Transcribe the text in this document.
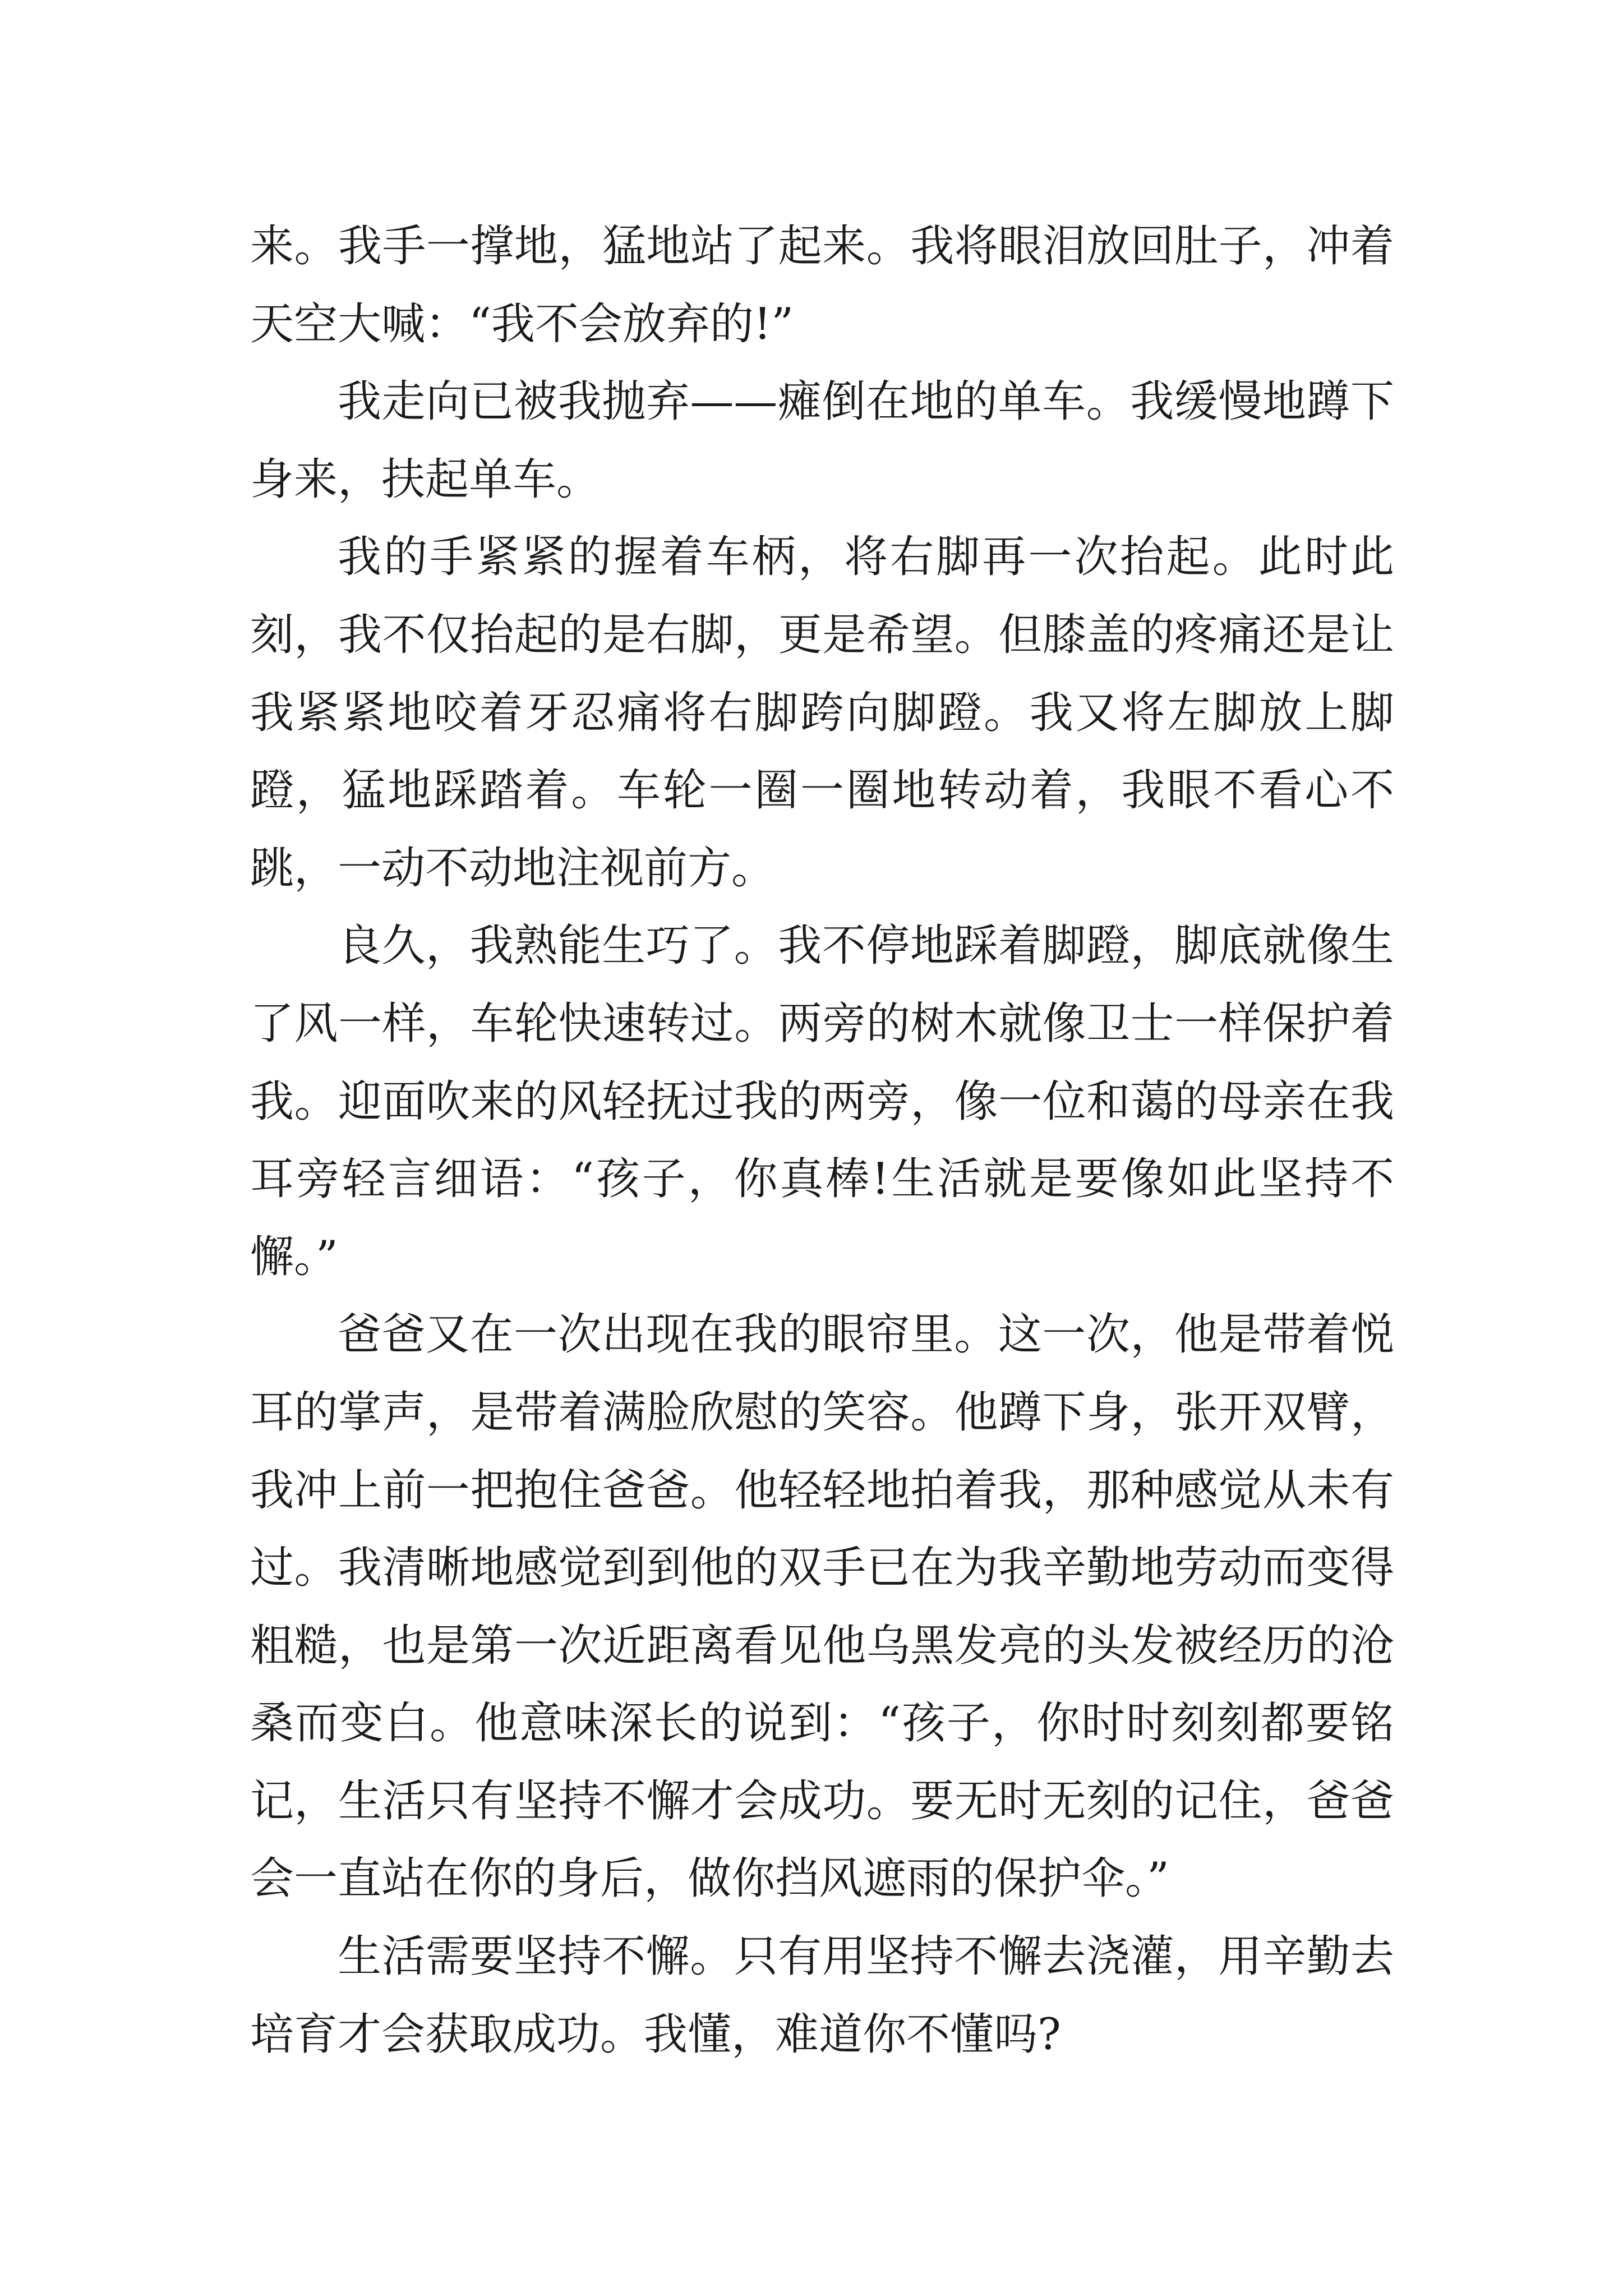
来。我手一撑地，猛地站了起来。我将眼泪放回肚子，冲着天空大喊：“我不会放弃的!”

我走向已被我抛弃——瘫倒在地的单车。我缓慢地蹲下身来，扶起单车。

我的手紧紧的握着车柄，将右脚再一次抬起。此时此刻，我不仅抬起的是右脚，更是希望。但膝盖的疼痛还是让我紧紧地咬着牙忍痛将右脚跨向脚蹬。我又将左脚放上脚蹬，猛地踩踏着。车轮一圈一圈地转动着，我眼不看心不跳，一动不动地注视前方。

良久，我熟能生巧了。我不停地踩着脚蹬，脚底就像生了风一样，车轮快速转过。两旁的树木就像卫士一样保护着我。迎面吹来的风轻抚过我的两旁，像一位和蔼的母亲在我耳旁轻言细语：“孩子，你真棒!生活就是要像如此坚持不懈。”

爸爸又在一次出现在我的眼帘里。这一次，他是带着悦耳的掌声，是带着满脸欣慰的笑容。他蹲下身，张开双臂，我冲上前一把抱住爸爸。他轻轻地拍着我，那种感觉从未有过。我清晰地感觉到到他的双手已在为我辛勤地劳动而变得粗糙，也是第一次近距离看见他乌黑发亮的头发被经历的沧桑而变白。他意味深长的说到：“孩子，你时时刻刻都要铭记，生活只有坚持不懈才会成功。要无时无刻的记住，爸爸会一直站在你的身后，做你挡风遮雨的保护伞。”

生活需要坚持不懈。只有用坚持不懈去浇灌，用辛勤去培育才会获取成功。我懂，难道你不懂吗?
